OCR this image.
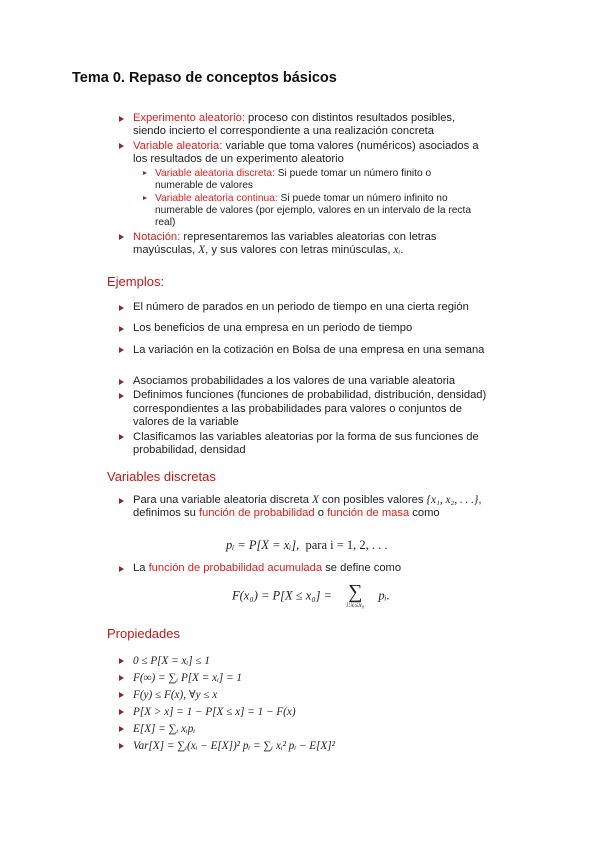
Tema 0. Repaso de conceptos básicos
Experimento aleatorio: proceso con distintos resultados posibles, siendo incierto el correspondiente a una realización concreta
Variable aleatoria: variable que toma valores (numéricos) asociados a los resultados de un experimento aleatorio
Variable aleatoria discreta: Si puede tomar un número finito o numerable de valores
Variable aleatoria continua: Si puede tomar un número infinito no numerable de valores (por ejemplo, valores en un intervalo de la recta real)
Notación: representaremos las variables aleatorias con letras mayúsculas, X, y sus valores con letras minúsculas, xᵢ.
Ejemplos:
El número de parados en un periodo de tiempo en una cierta región
Los beneficios de una empresa en un periodo de tiempo
La variación en la cotización en Bolsa de una empresa en una semana
Asociamos probabilidades a los valores de una variable aleatoria
Definimos funciones (funciones de probabilidad, distribución, densidad) correspondientes a las probabilidades para valores o conjuntos de valores de la variable
Clasificamos las variables aleatorias por la forma de sus funciones de probabilidad, densidad
Variables discretas
Para una variable aleatoria discreta X con posibles valores {x₁, x₂, . . .}, definimos su función de probabilidad o función de masa como
pᵢ = P[X = xᵢ], para i = 1, 2, . . .
La función de probabilidad acumulada se define como
F(x₀) = P[X ≤ x₀] = ∑
i:xᵢ≤x₀
pᵢ.
Propiedades
0 ≤ P[X = xᵢ] ≤ 1
F(∞) = ∑ᵢ P[X = xᵢ] = 1
F(y) ≤ F(x), ∀y ≤ x
P[X > x] = 1 − P[X ≤ x] = 1 − F(x)
E[X] = ∑ᵢ xᵢpᵢ
Var[X] = ∑ᵢ(xᵢ − E[X])² pᵢ = ∑ᵢ xᵢ² pᵢ − E[X]²
